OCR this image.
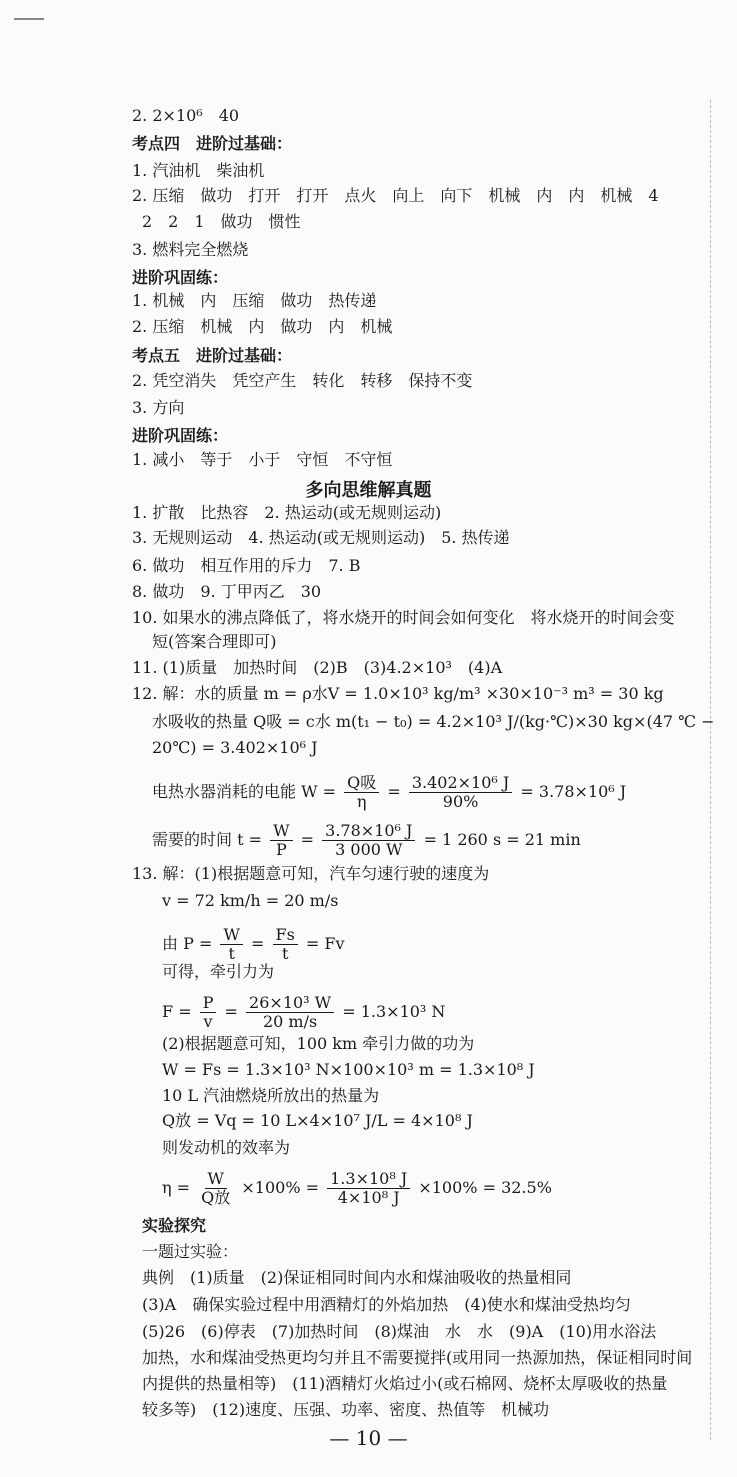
2. 2×10⁶　40
考点四　进阶过基础：
1. 汽油机　柴油机
2. 压缩　做功　打开　打开　点火　向上　向下　机械　内　内　机械　4
2　2　1　做功　惯性
3. 燃料完全燃烧
进阶巩固练：
1. 机械　内　压缩　做功　热传递
2. 压缩　机械　内　做功　内　机械
考点五　进阶过基础：
2. 凭空消失　凭空产生　转化　转移　保持不变
3. 方向
进阶巩固练：
1. 减小　等于　小于　守恒　不守恒
多向思维解真题
1. 扩散　比热容　2. 热运动(或无规则运动)
3. 无规则运动　4. 热运动(或无规则运动)　5. 热传递
6. 做功　相互作用的斥力　7. B
8. 做功　9. 丁甲丙乙　30
10. 如果水的沸点降低了，将水烧开的时间会如何变化　将水烧开的时间会变
短(答案合理即可)
11. (1)质量　加热时间　(2)B　(3)4.2×10³　(4)A
12. 解：水的质量 m = ρ水V = 1.0×10³ kg/m³ ×30×10⁻³ m³ = 30 kg
水吸收的热量 Q吸 = c水 m(t₁ − t₀) = 4.2×10³ J/(kg·℃)×30 kg×(47 ℃ −
20℃) = 3.402×10⁶ J
电热水器消耗的电能 $W = \frac{\text{Q吸}}{\eta} = \frac{\text{3.402×10⁶ J}}{90\%} = 3.78\times 10^6$ J
需要的时间 $t = \frac{W}{P} = \frac{\text{3.78×10⁶ J}}{3 000 W} = 1$ 260 s = 21 min
13. 解：(1)根据题意可知，汽车匀速行驶的速度为
v = 72 km/h = 20 m/s
由 $P = \frac{W}{t} = \frac{Fs}{t} = Fv$
可得，牵引力为
$F = \frac{P}{v} = \frac{\text{26×10³ W}}{20 m/s} = 1.3\times 10^3$ N
(2)根据题意可知，100 km 牵引力做的功为
W = Fs = 1.3×10³ N×100×10³ m = 1.3×10⁸ J
10 L 汽油燃烧所放出的热量为
Q放 = Vq = 10 L×4×10⁷ J/L = 4×10⁸ J
则发动机的效率为
$\eta = \frac{W}{\text{Q放}} \times 100\% = \frac{\text{1.3×10⁸ J}}{\text{4×10⁸ J}} \times 100\% = 32.5\%$
实验探究
一题过实验：
典例　(1)质量　(2)保证相同时间内水和煤油吸收的热量相同
(3)A　确保实验过程中用酒精灯的外焰加热　(4)使水和煤油受热均匀
(5)26　(6)停表　(7)加热时间　(8)煤油　水　水　(9)A　(10)用水浴法
加热，水和煤油受热更均匀并且不需要搅拌(或用同一热源加热，保证相同时间
内提供的热量相等)　(11)酒精灯火焰过小(或石棉网、烧杯太厚吸收的热量
较多等)　(12)速度、压强、功率、密度、热值等　机械功
— 10 —
